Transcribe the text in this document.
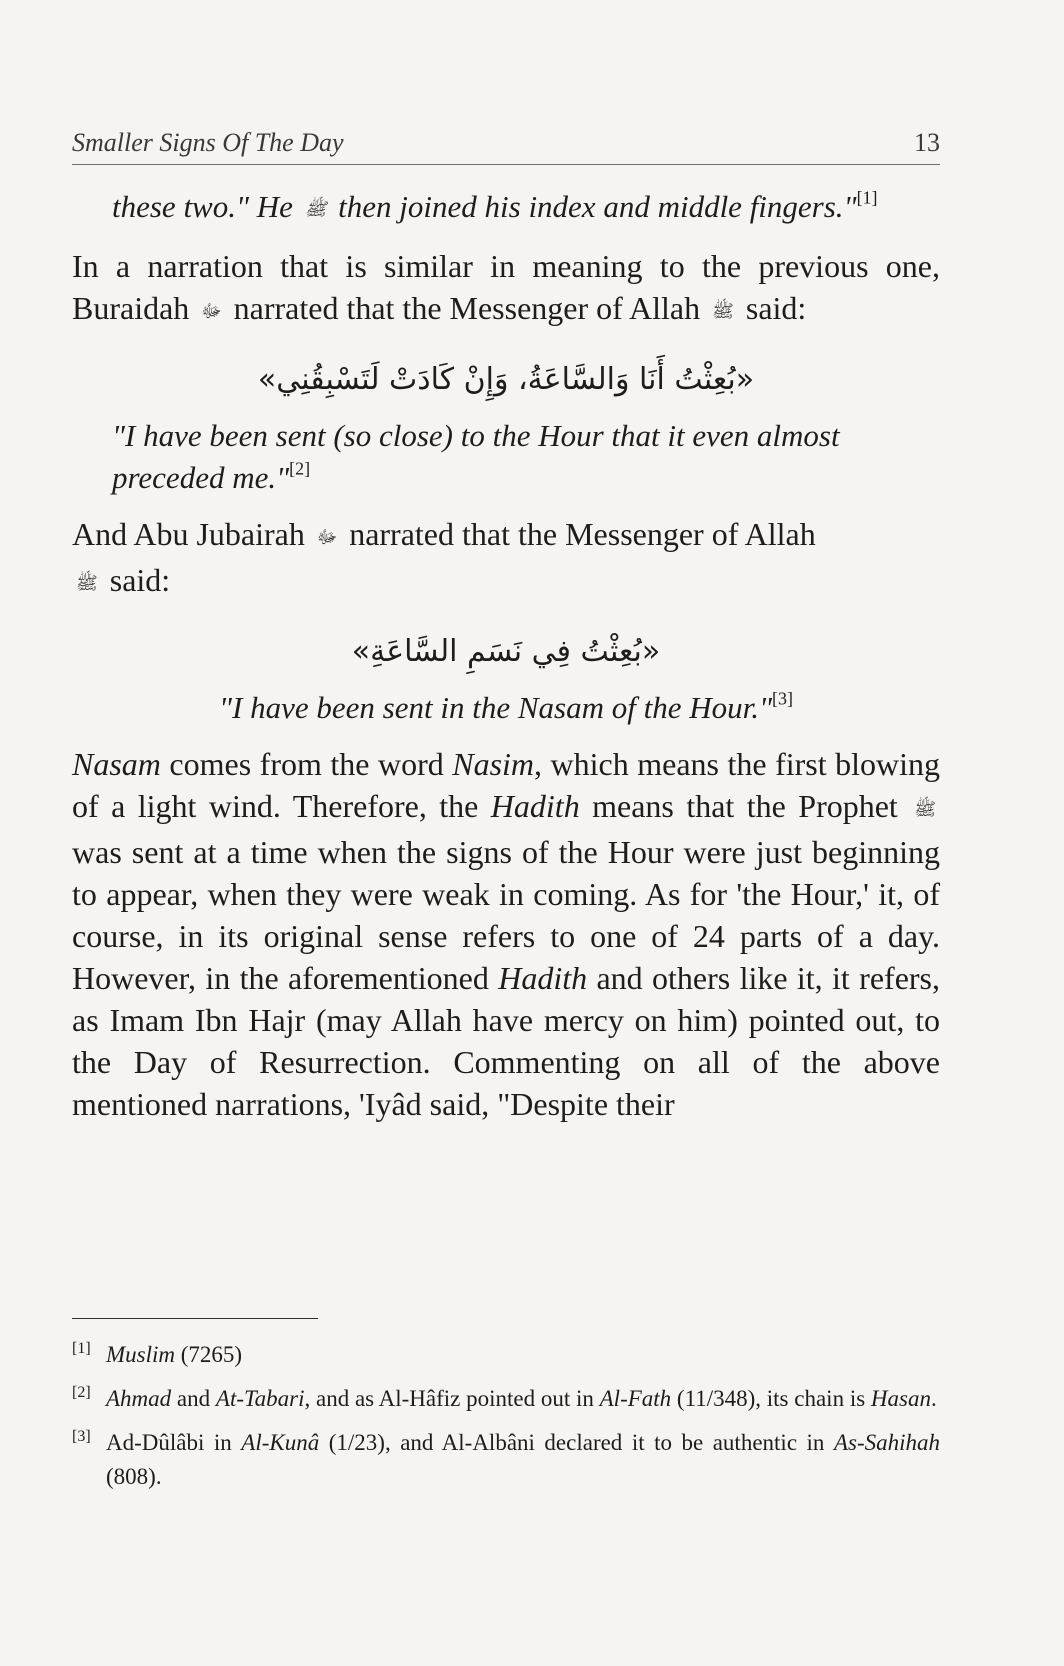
Smaller Signs Of The Day	13

these two." He ﷺ then joined his index and middle fingers."[1]

In a narration that is similar in meaning to the previous one, Buraidah ﷻ narrated that the Messenger of Allah ﷺ said:

«بُعِثْتُ أَنَا وَالسَّاعَةُ، وَإِنْ كَادَتْ لَتَسْبِقُنِي»

"I have been sent (so close) to the Hour that it even almost preceded me."[2]

And Abu Jubairah ﷻ narrated that the Messenger of Allah
ﷺ said:

«بُعِثْتُ فِي نَسَمِ السَّاعَةِ»

"I have been sent in the Nasam of the Hour."[3]

Nasam comes from the word Nasim, which means the first blowing of a light wind. Therefore, the Hadith means that the Prophet ﷺ was sent at a time when the signs of the Hour were just beginning to appear, when they were weak in coming. As for 'the Hour,' it, of course, in its original sense refers to one of 24 parts of a day. However, in the aforementioned Hadith and others like it, it refers, as Imam Ibn Hajr (may Allah have mercy on him) pointed out, to the Day of Resurrection. Commenting on all of the above mentioned narrations, 'Iyâd said, "Despite their

[1] Muslim (7265)

[2] Ahmad and At-Tabari, and as Al-Hâfiz pointed out in Al-Fath (11/348), its chain is Hasan.

[3] Ad-Dûlâbi in Al-Kunâ (1/23), and Al-Albâni declared it to be authentic in As-Sahihah (808).
